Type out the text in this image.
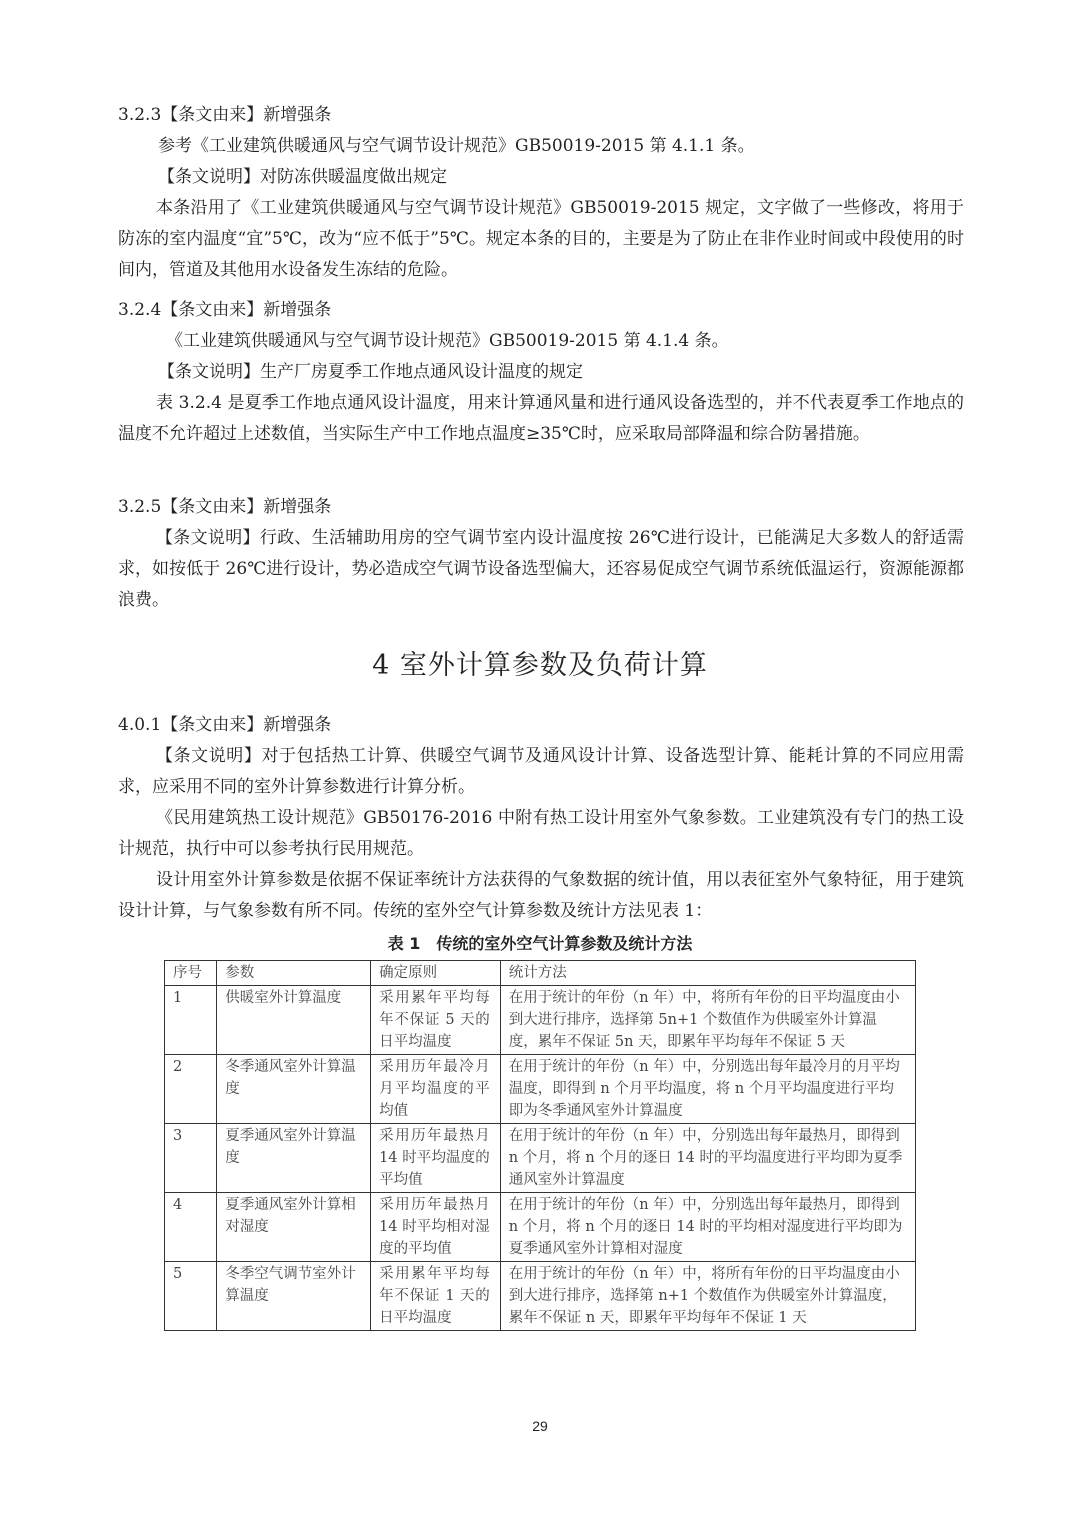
3.2.3【条文由来】新增强条
参考《工业建筑供暖通风与空气调节设计规范》GB50019-2015 第 4.1.1 条。
【条文说明】对防冻供暖温度做出规定
本条沿用了《工业建筑供暖通风与空气调节设计规范》GB50019-2015 规定，文字做了一些修改，将用于防冻的室内温度“宜”5℃，改为“应不低于”5℃。规定本条的目的，主要是为了防止在非作业时间或中段使用的时间内，管道及其他用水设备发生冻结的危险。
3.2.4【条文由来】新增强条
《工业建筑供暖通风与空气调节设计规范》GB50019-2015 第 4.1.4 条。
【条文说明】生产厂房夏季工作地点通风设计温度的规定
表 3.2.4 是夏季工作地点通风设计温度，用来计算通风量和进行通风设备选型的，并不代表夏季工作地点的温度不允许超过上述数值，当实际生产中工作地点温度≥35℃时，应采取局部降温和综合防暑措施。
3.2.5【条文由来】新增强条
【条文说明】行政、生活辅助用房的空气调节室内设计温度按 26℃进行设计，已能满足大多数人的舒适需求，如按低于 26℃进行设计，势必造成空气调节设备选型偏大，还容易促成空气调节系统低温运行，资源能源都浪费。
4 室外计算参数及负荷计算
4.0.1【条文由来】新增强条
【条文说明】对于包括热工计算、供暖空气调节及通风设计计算、设备选型计算、能耗计算的不同应用需求，应采用不同的室外计算参数进行计算分析。
《民用建筑热工设计规范》GB50176-2016 中附有热工设计用室外气象参数。工业建筑没有专门的热工设计规范，执行中可以参考执行民用规范。
设计用室外计算参数是依据不保证率统计方法获得的气象数据的统计值，用以表征室外气象特征，用于建筑设计计算，与气象参数有所不同。传统的室外空气计算参数及统计方法见表 1：
表 1　传统的室外空气计算参数及统计方法
序号	参数	确定原则	统计方法
1	供暖室外计算温度	采用累年平均每年不保证 5 天的日平均温度	在用于统计的年份（n 年）中，将所有年份的日平均温度由小到大进行排序，选择第 5n+1 个数值作为供暖室外计算温度，累年不保证 5n 天，即累年平均每年不保证 5 天
2	冬季通风室外计算温度	采用历年最冷月月平均温度的平均值	在用于统计的年份（n 年）中，分别选出每年最冷月的月平均温度，即得到 n 个月平均温度，将 n 个月平均温度进行平均即为冬季通风室外计算温度
3	夏季通风室外计算温度	采用历年最热月 14 时平均温度的平均值	在用于统计的年份（n 年）中，分别选出每年最热月，即得到 n 个月，将 n 个月的逐日 14 时的平均温度进行平均即为夏季通风室外计算温度
4	夏季通风室外计算相对湿度	采用历年最热月 14 时平均相对湿度的平均值	在用于统计的年份（n 年）中，分别选出每年最热月，即得到 n 个月，将 n 个月的逐日 14 时的平均相对湿度进行平均即为夏季通风室外计算相对湿度
5	冬季空气调节室外计算温度	采用累年平均每年不保证 1 天的日平均温度	在用于统计的年份（n 年）中，将所有年份的日平均温度由小到大进行排序，选择第 n+1 个数值作为供暖室外计算温度，累年不保证 n 天，即累年平均每年不保证 1 天
29
